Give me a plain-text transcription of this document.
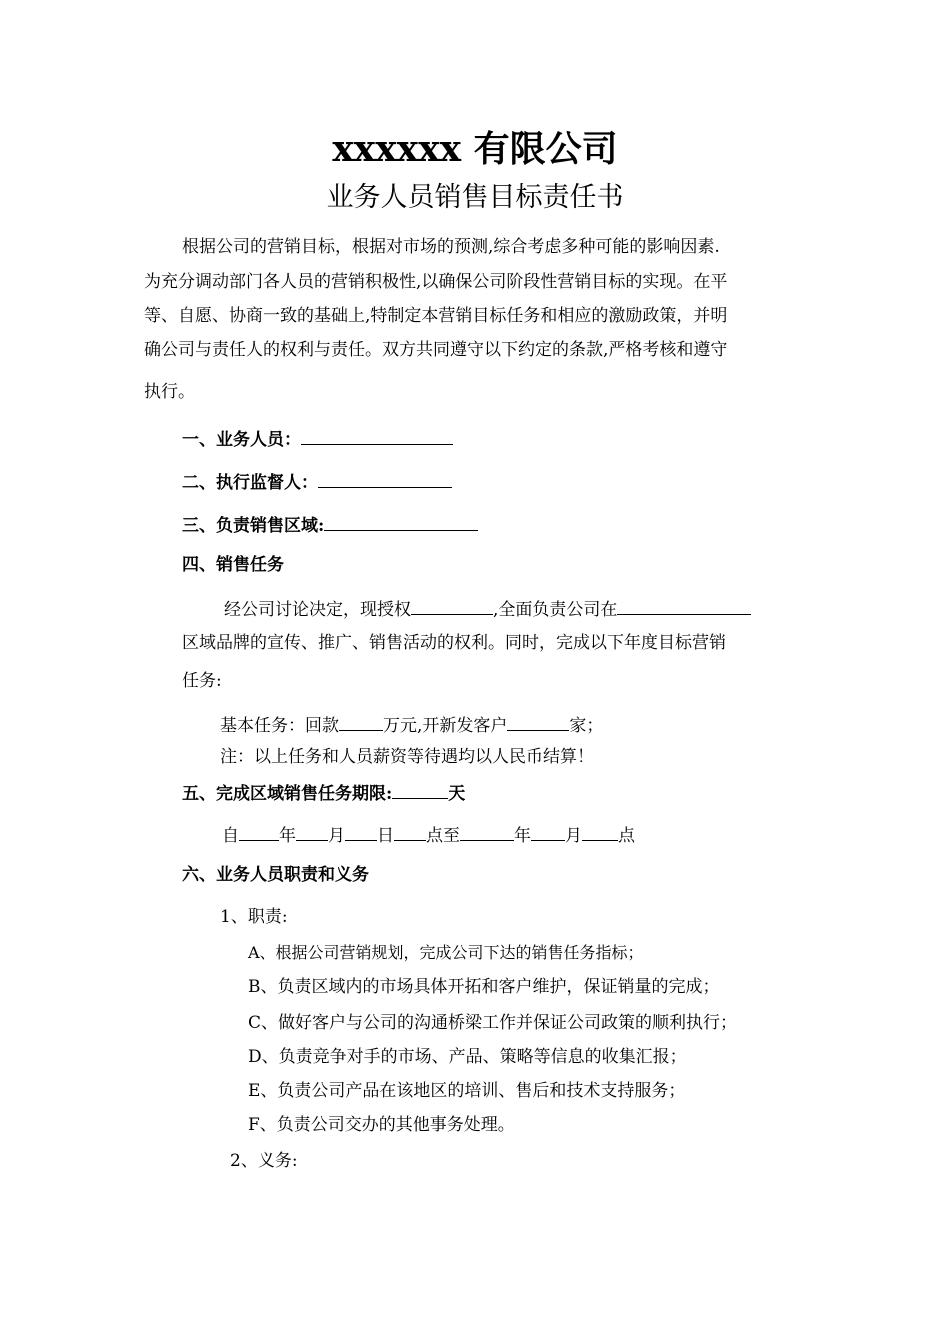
xxxxxx 有限公司
业务人员销售目标责任书
根据公司的营销目标，根据对市场的预测,综合考虑多种可能的影响因素.
为充分调动部门各人员的营销积极性,以确保公司阶段性营销目标的实现。在平
等、自愿、协商一致的基础上,特制定本营销目标任务和相应的激励政策，并明
确公司与责任人的权利与责任。双方共同遵守以下约定的条款,严格考核和遵守
执行。
一、业务人员：
二、执行监督人：
三、负责销售区域:
四、销售任务
经公司讨论决定，现授权	,全面负责公司在
区域品牌的宣传、推广、销售活动的权利。同时，完成以下年度目标营销
任务:
基本任务：回款	万元,开新发客户	家；
注：以上任务和人员薪资等待遇均以人民币结算！
五、完成区域销售任务期限:	天
自 年 月 日 点至	年 月 点
六、业务人员职责和义务
1、职责:
A、根据公司营销规划，完成公司下达的销售任务指标；
B、负责区域内的市场具体开拓和客户维护，保证销量的完成；
C、做好客户与公司的沟通桥梁工作并保证公司政策的顺利执行；
D、负责竞争对手的市场、产品、策略等信息的收集汇报；
E、负责公司产品在该地区的培训、售后和技术支持服务；
F、负责公司交办的其他事务处理。
2、义务:
